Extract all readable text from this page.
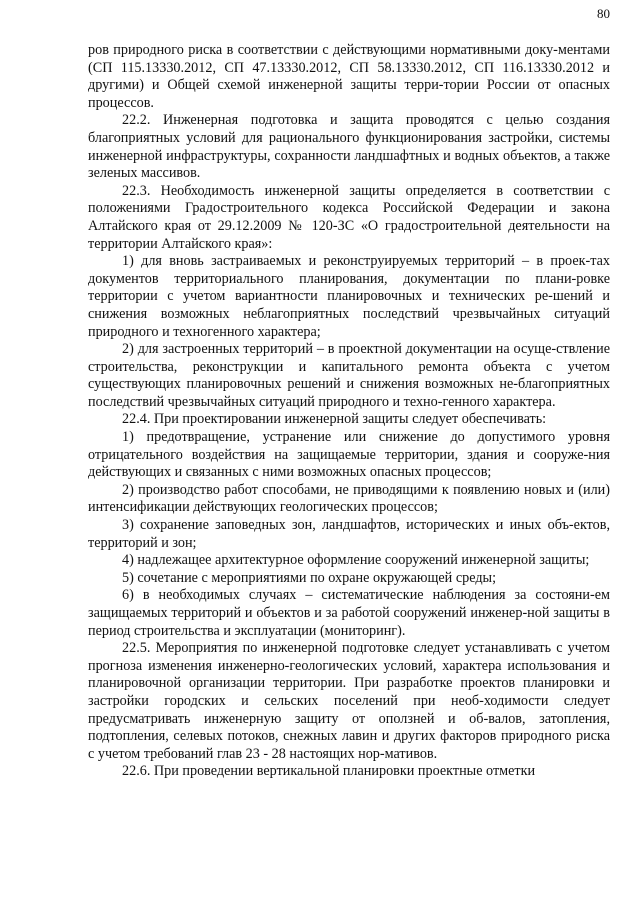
80

ров природного риска в соответствии с действующими нормативными доку-ментами (СП 115.13330.2012, СП 47.13330.2012, СП 58.13330.2012, СП 116.13330.2012 и другими) и Общей схемой инженерной защиты терри-тории России от опасных процессов.

22.2. Инженерная подготовка и защита проводятся с целью создания благоприятных условий для рационального функционирования застройки, системы инженерной инфраструктуры, сохранности ландшафтных и водных объектов, а также зеленых массивов.

22.3. Необходимость инженерной защиты определяется в соответствии с положениями Градостроительного кодекса Российской Федерации и закона Алтайского края от 29.12.2009 № 120-ЗС «О градостроительной деятельности на территории Алтайского края»:

1) для вновь застраиваемых и реконструируемых территорий – в проек-тах документов территориального планирования, документации по плани-ровке территории с учетом вариантности планировочных и технических ре-шений и снижения возможных неблагоприятных последствий чрезвычайных ситуаций природного и техногенного характера;

2) для застроенных территорий – в проектной документации на осуще-ствление строительства, реконструкции и капитального ремонта объекта с учетом существующих планировочных решений и снижения возможных не-благоприятных последствий чрезвычайных ситуаций природного и техно-генного характера.

22.4. При проектировании инженерной защиты следует обеспечивать:

1) предотвращение, устранение или снижение до допустимого уровня отрицательного воздействия на защищаемые территории, здания и сооруже-ния действующих и связанных с ними возможных опасных процессов;

2) производство работ способами, не приводящими к появлению новых и (или) интенсификации действующих геологических процессов;

3) сохранение заповедных зон, ландшафтов, исторических и иных объ-ектов, территорий и зон;

4) надлежащее архитектурное оформление сооружений инженерной защиты;

5) сочетание с мероприятиями по охране окружающей среды;

6) в необходимых случаях – систематические наблюдения за состояни-ем защищаемых территорий и объектов и за работой сооружений инженер-ной защиты в период строительства и эксплуатации (мониторинг).

22.5. Мероприятия по инженерной подготовке следует устанавливать с учетом прогноза изменения инженерно-геологических условий, характера использования и планировочной организации территории. При разработке проектов планировки и застройки городских и сельских поселений при необ-ходимости следует предусматривать инженерную защиту от оползней и об-валов, затопления, подтопления, селевых потоков, снежных лавин и других факторов природного риска с учетом требований глав 23 - 28 настоящих нор-мативов.

22.6. При проведении вертикальной планировки проектные отметки
